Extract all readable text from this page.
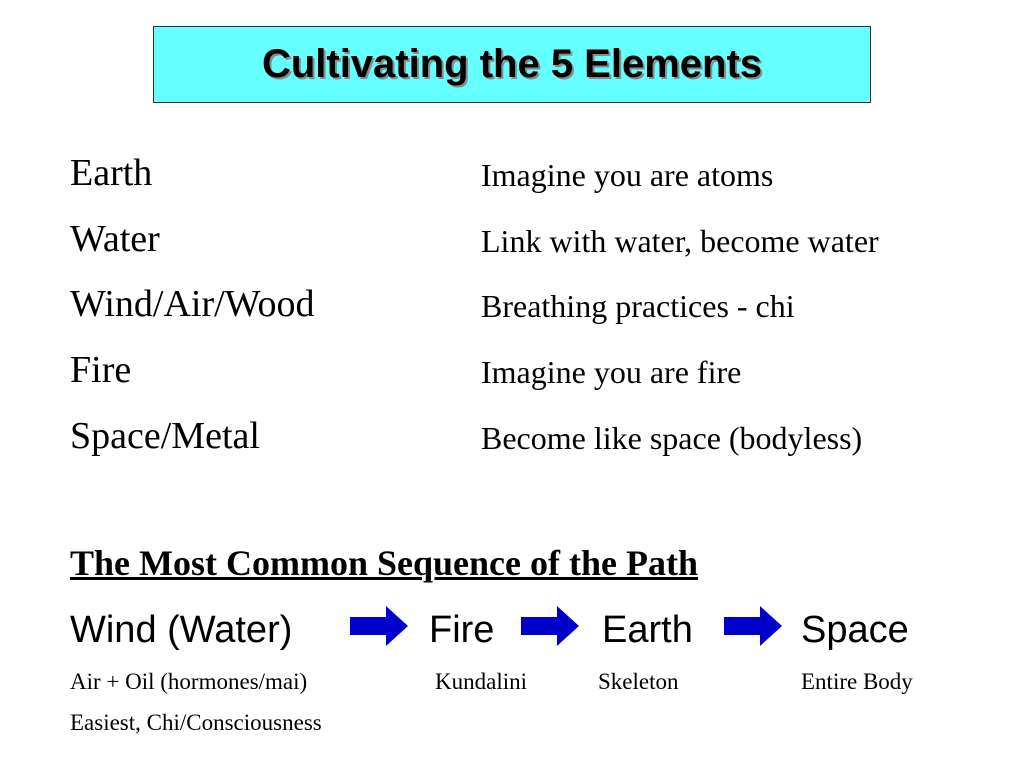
Cultivating the 5 Elements
Earth	Imagine you are atoms
Water	Link with water, become water
Wind/Air/Wood	Breathing practices - chi
Fire	Imagine you are fire
Space/Metal	Become like space (bodyless)
The Most Common Sequence of the Path
Wind (Water)	Fire	Earth	Space
Air + Oil (hormones/mai)	Kundalini	Skeleton	Entire Body
Easiest, Chi/Consciousness
